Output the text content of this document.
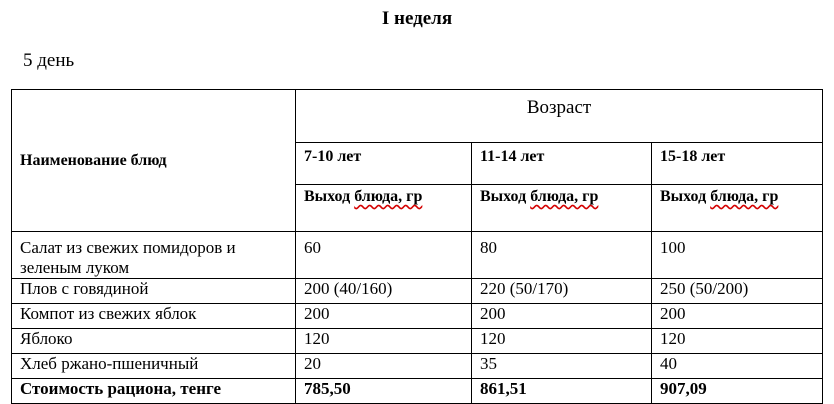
I неделя
5 день
Наименование блюд	Возраст		
	7-10 лет	11-14 лет	15-18 лет
	Выход блюда, гр	Выход блюда, гр	Выход блюда, гр
Салат из свежих помидоров и зеленым луком	60	80	100
Плов с говядиной	200 (40/160)	220 (50/170)	250 (50/200)
Компот из свежих яблок	200	200	200
Яблоко	120	120	120
Хлеб ржано-пшеничный	20	35	40
Стоимость рациона, тенге	785,50	861,51	907,09
